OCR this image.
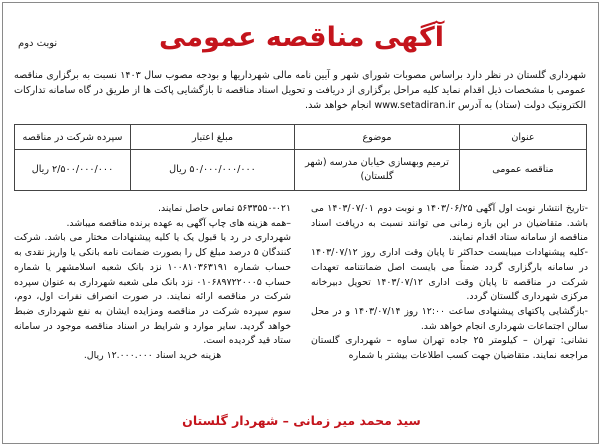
نوبت دوم	آگهی مناقصه عمومی
شهرداری گلستان در نظر دارد براساس مصوبات شورای شهر و آیین نامه مالی شهرداریها و بودجه مصوب سال ۱۴۰۳ نسبت به برگزاری مناقصه عمومی با مشخصات ذیل اقدام نماید کلیه مراحل برگزاری از دریافت و تحویل اسناد مناقصه تا بازگشایی پاکت ها از طریق در گاه سامانه تدارکات الکترونیک دولت (ستاد) به آدرس www.setadiran.ir انجام خواهد شد.
عنوان	موضوع	مبلغ اعتبار	سپرده شرکت در مناقصه
مناقصه عمومی	ترمیم وبهسازی خیابان مدرسه (شهر گلستان)	۵۰/۰۰۰/۰۰۰/۰۰۰ ریال	۲/۵۰۰/۰۰۰/۰۰۰ ریال

-تاریخ انتشار نوبت اول آگهی ۱۴۰۳/۰۶/۲۵ و نوبت دوم ۱۴۰۳/۰۷/۰۱ می باشد. متقاضیان در این بازه زمانی می توانند نسبت به دریافت اسناد مناقصه از سامانه ستاد اقدام نمایند.

-کلیه پیشنهادات میبایست حداکثر تا پایان وقت اداری روز ۱۴۰۳/۰۷/۱۲ در سامانه بارگزاری گردد ضمناً می بایست اصل ضمانتنامه تعهدات شرکت در مناقصه تا پایان وقت اداری ۱۴۰۳/۰۷/۱۲ تحویل دبیرخانه مرکزی شهرداری گلستان گردد.

-بازگشایی پاکتهای پیشنهادی ساعت ۱۲:۰۰ روز ۱۴۰۳/۰۷/۱۴ و در محل سالن اجتماعات شهرداری انجام خواهد شد.

نشانی: تهران – کیلومتر ۲۵ جاده تهران ساوه – شهرداری گلستان مراجعه نمایند. متقاضیان جهت کسب اطلاعات بیشتر با شماره

۵۶۳۳۵۵۰-۰۲۱ تماس حاصل نمایند.

–همه هزینه های چاپ آگهی به عهده برنده مناقصه میباشد.

شهرداری در رد یا قبول یک یا کلیه پیشنهادات مختار می باشد. شرکت کنندگان ۵ درصد مبلغ کل را بصورت ضمانت نامه بانکی یا واریز نقدی به حساب شماره ۱۰۰۸۱۰۳۶۳۱۹۱ نزد بانک شعبه اسلامشهر یا شماره حساب ۰۱۰۶۸۹۷۲۲۰۰۰۵ نزد بانک ملی شعبه شهرداری به عنوان سپرده شرکت در مناقصه ارائه نمایند. در صورت انصراف نفرات اول، دوم، سوم سپرده شرکت در مناقصه ومزایده ایشان به نفع شهرداری ضبط خواهد گردید. سایر موارد و شرایط در اسناد مناقصه موجود در سامانه ستاد قید گردیده است.

هزینه خرید اسناد ۱۲.۰۰۰.۰۰۰ ریال.

سید محمد میر زمانی – شهردار گلستان
